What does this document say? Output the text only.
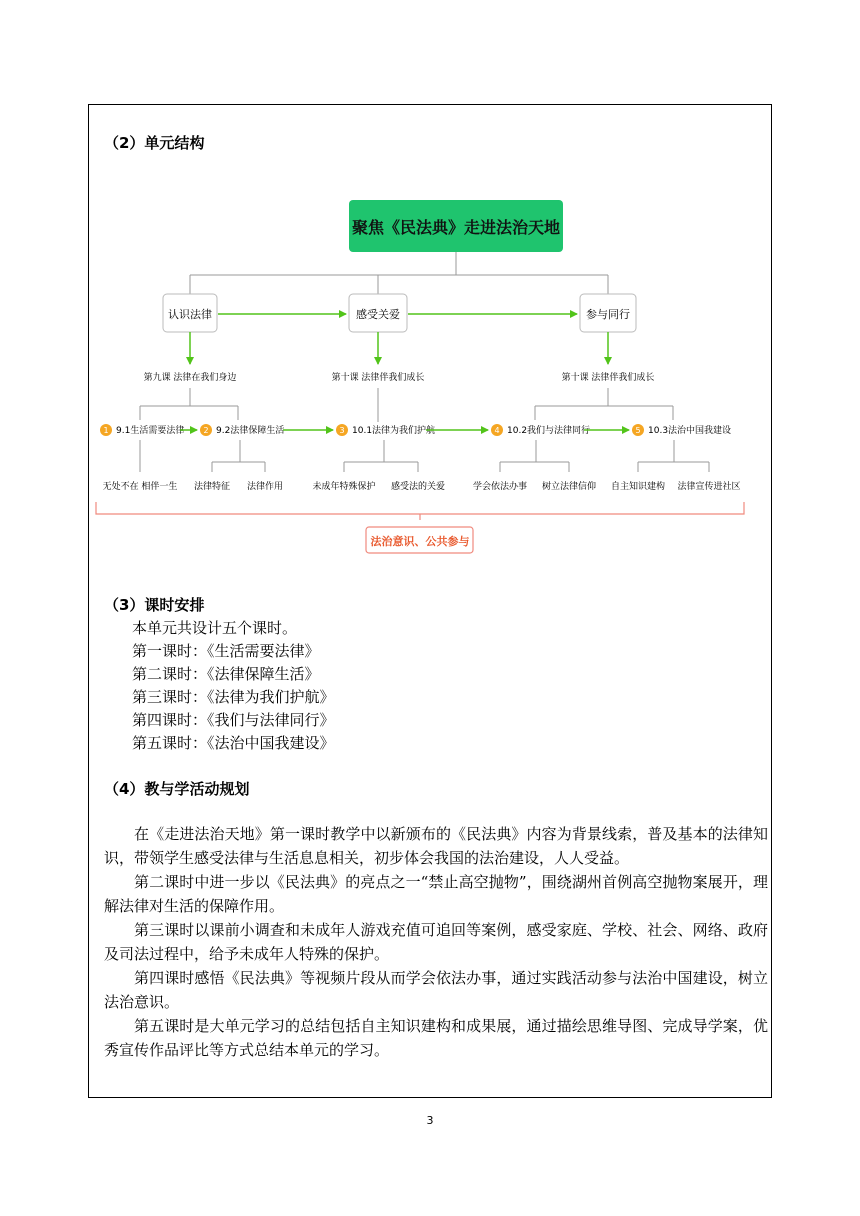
（2）单元结构
聚焦《民法典》走进法治天地
认识法律	感受关爱	参与同行
第九课 法律在我们身边	第十课 法律伴我们成长	第十课 法律伴我们成长
1 9.1生活需要法律 2 9.2法律保障生活	3 10.1法律为我们护航	4 10.2我们与法律同行	5 10.3法治中国我建设
无处不在 相伴一生 法律特征 法律作用	未成年特殊保护 感受法的关爱	学会依法办事 树立法律信仰 自主知识建构 法律宣传进社区
法治意识、公共参与
（3）课时安排
本单元共设计五个课时。
第一课时：《生活需要法律》
第二课时：《法律保障生活》
第三课时：《法律为我们护航》
第四课时：《我们与法律同行》
第五课时：《法治中国我建设》
（4）教与学活动规划

在《走进法治天地》第一课时教学中以新颁布的《民法典》内容为背景线索，普及基本的法律知识，带领学生感受法律与生活息息相关，初步体会我国的法治建设，人人受益。

第二课时中进一步以《民法典》的亮点之一“禁止高空抛物”，围绕湖州首例高空抛物案展开，理解法律对生活的保障作用。

第三课时以课前小调查和未成年人游戏充值可追回等案例，感受家庭、学校、社会、网络、政府及司法过程中，给予未成年人特殊的保护。

第四课时感悟《民法典》等视频片段从而学会依法办事，通过实践活动参与法治中国建设，树立法治意识。

第五课时是大单元学习的总结包括自主知识建构和成果展，通过描绘思维导图、完成导学案，优秀宣传作品评比等方式总结本单元的学习。

3
